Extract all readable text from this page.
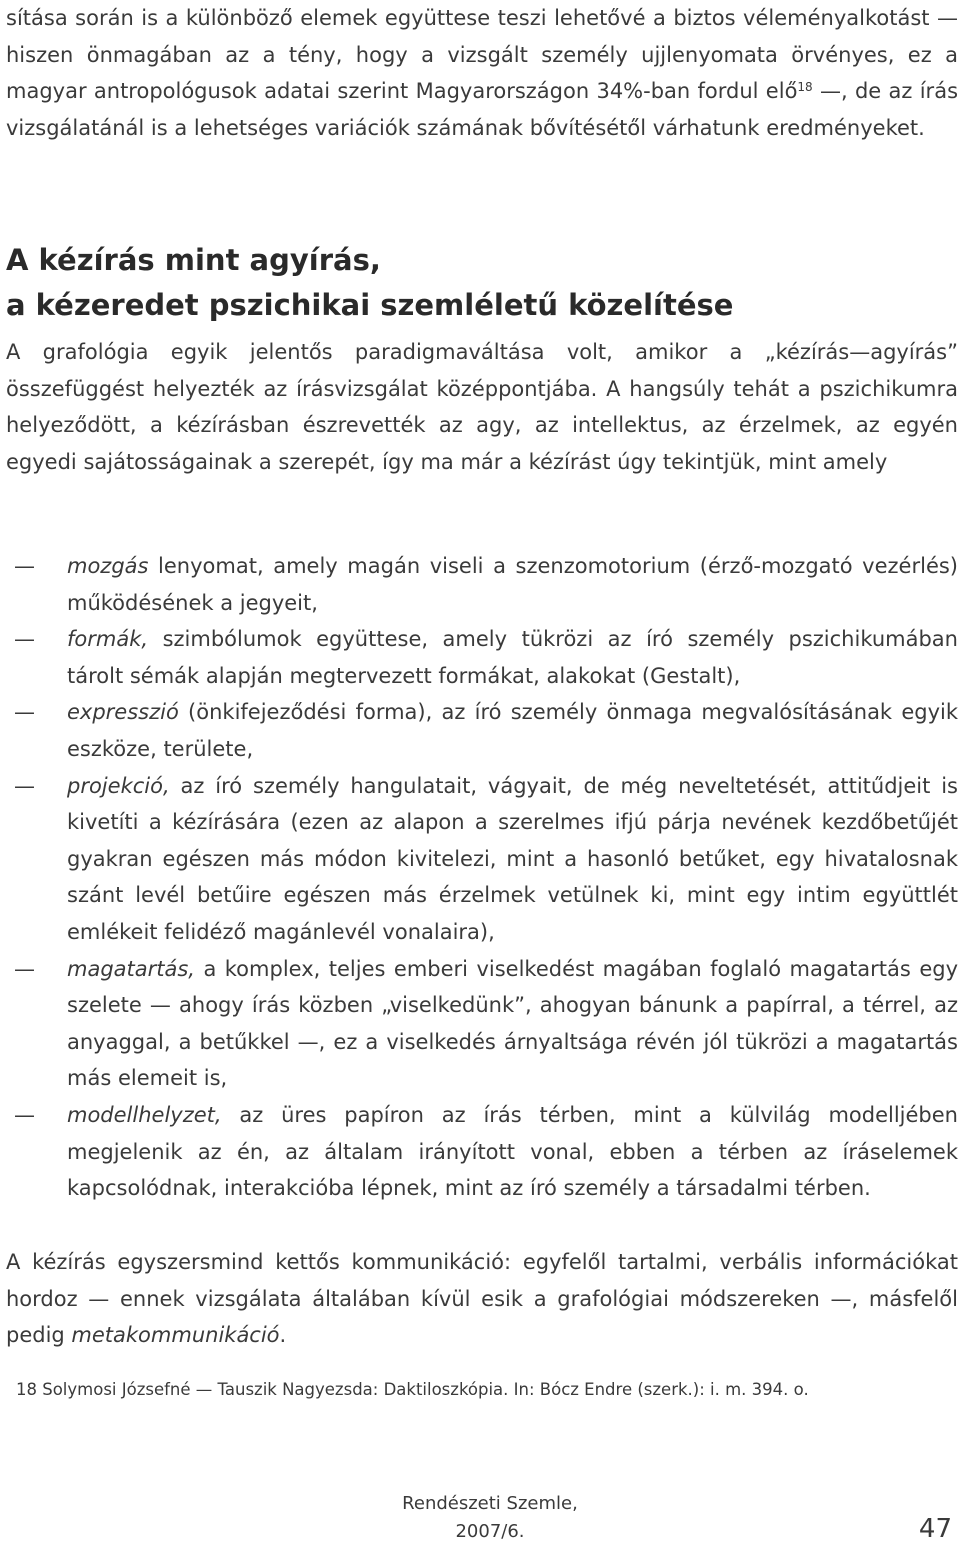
sítása során is a különböző elemek együttese teszi lehetővé a biztos véleményalkotást — hiszen önmagában az a tény, hogy a vizsgált személy ujjlenyomata örvényes, ez a magyar antropológusok adatai szerint Magyarországon 34%-ban fordul elő$^{18}$ —, de az írás vizsgálatánál is a lehetséges variációk számának bővítésétől várhatunk eredményeket.

A kézírás mint agyírás,
a kézeredet pszichikai szemléletű közelítése

A grafológia egyik jelentős paradigmaváltása volt, amikor a „kézírás—agyírás” összefüggést helyezték az írásvizsgálat középpontjába. A hangsúly tehát a pszichikumra helyeződött, a kézírásban észrevették az agy, az intellektus, az érzelmek, az egyén egyedi sajátosságainak a szerepét, így ma már a kézírást úgy tekintjük, mint amely

— mozgás lenyomat, amely magán viseli a szenzomotorium (érző-mozgató vezérlés) működésének a jegyeit,
— formák, szimbólumok együttese, amely tükrözi az író személy pszichikumában tárolt sémák alapján megtervezett formákat, alakokat (Gestalt),
— expresszió (önkifejeződési forma), az író személy önmaga megvalósításának egyik eszköze, területe,
— projekció, az író személy hangulatait, vágyait, de még neveltetését, attitűdjeit is kivetíti a kézírására (ezen az alapon a szerelmes ifjú párja nevének kezdőbetűjét gyakran egészen más módon kivitelezi, mint a hasonló betűket, egy hivatalosnak szánt levél betűire egészen más érzelmek vetülnek ki, mint egy intim együttlét emlékeit felidéző magánlevél vonalaira),
— magatartás, a komplex, teljes emberi viselkedést magában foglaló magatartás egy szelete — ahogy írás közben „viselkedünk”, ahogyan bánunk a papírral, a térrel, az anyaggal, a betűkkel —, ez a viselkedés árnyaltsága révén jól tükrözi a magatartás más elemeit is,
— modellhelyzet, az üres papíron az írás térben, mint a külvilág modelljében megjelenik az én, az általam irányított vonal, ebben a térben az íráselemek kapcsolódnak, interakcióba lépnek, mint az író személy a társadalmi térben.

A kézírás egyszersmind kettős kommunikáció: egyfelől tartalmi, verbális információkat hordoz — ennek vizsgálata általában kívül esik a grafológiai módszereken —, másfelől pedig metakommunikáció.

18 Solymosi Józsefné — Tauszik Nagyezsda: Daktiloszkópia. In: Bócz Endre (szerk.): i. m. 394. o.
Rendészeti Szemle,
2007/6.	47
